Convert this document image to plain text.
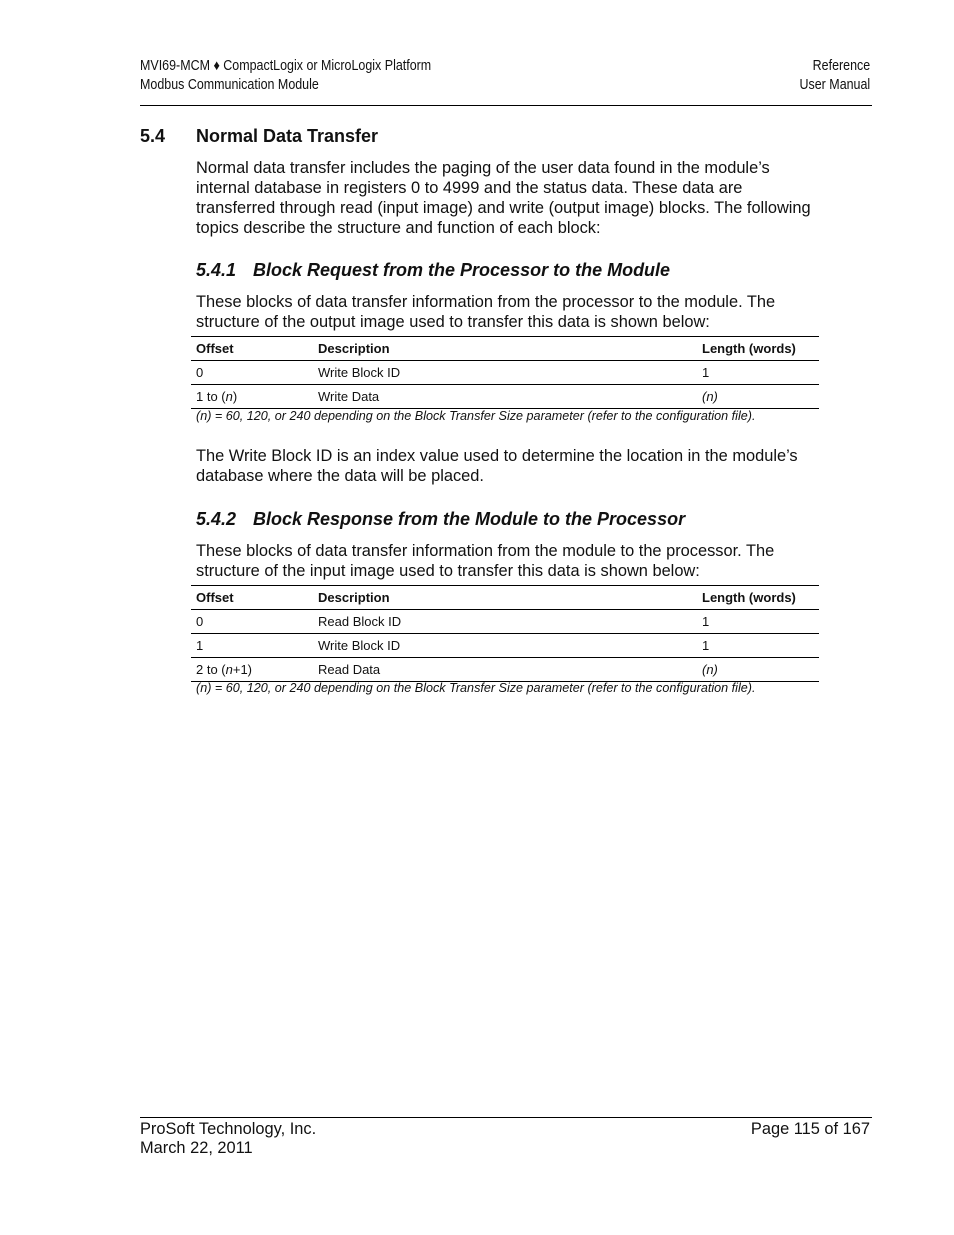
MVI69-MCM ♦ CompactLogix or MicroLogix Platform
Modbus Communication Module
Reference
User Manual
5.4 Normal Data Transfer
Normal data transfer includes the paging of the user data found in the module’s internal database in registers 0 to 4999 and the status data. These data are transferred through read (input image) and write (output image) blocks. The following topics describe the structure and function of each block:
5.4.1 Block Request from the Processor to the Module
These blocks of data transfer information from the processor to the module. The structure of the output image used to transfer this data is shown below:
Offset	Description	Length (words)
0	Write Block ID	1
1 to (n)	Write Data	(n)
(n) = 60, 120, or 240 depending on the Block Transfer Size parameter (refer to the configuration file).
The Write Block ID is an index value used to determine the location in the module’s database where the data will be placed.
5.4.2 Block Response from the Module to the Processor
These blocks of data transfer information from the module to the processor. The structure of the input image used to transfer this data is shown below:
Offset	Description	Length (words)
0	Read Block ID	1
1	Write Block ID	1
2 to (n+1)	Read Data	(n)
(n) = 60, 120, or 240 depending on the Block Transfer Size parameter (refer to the configuration file).
ProSoft Technology, Inc.
March 22, 2011
Page 115 of 167
